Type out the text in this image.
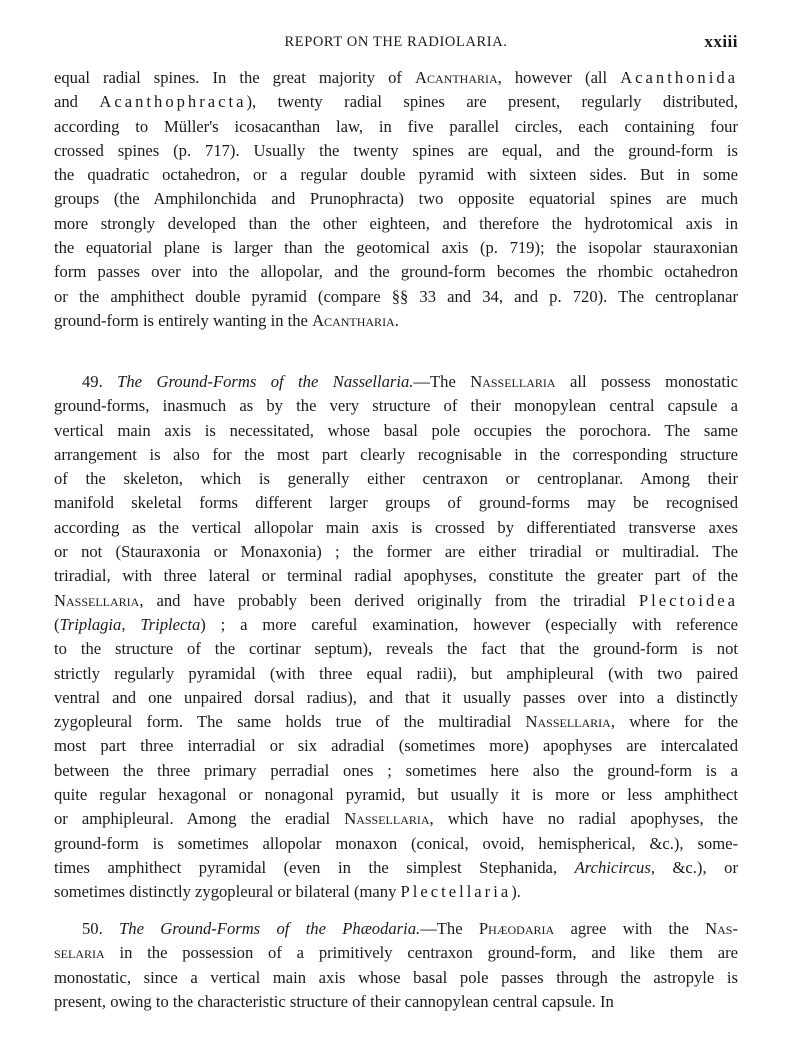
REPORT ON THE RADIOLARIA.	xxiii
equal radial spines. In the great majority of Acantharia, however (all Acanthonida
and Acanthophracta), twenty radial spines are present, regularly distributed,
according to Müller's icosacanthan law, in five parallel circles, each containing four
crossed spines (p. 717). Usually the twenty spines are equal, and the ground-form is
the quadratic octahedron, or a regular double pyramid with sixteen sides. But in some
groups (the Amphilonchida and Prunophracta) two opposite equatorial spines are much
more strongly developed than the other eighteen, and therefore the hydrotomical axis in
the equatorial plane is larger than the geotomical axis (p. 719); the isopolar stauraxonian
form passes over into the allopolar, and the ground-form becomes the rhombic octahedron
or the amphithect double pyramid (compare §§ 33 and 34, and p. 720). The centroplanar
ground-form is entirely wanting in the Acantharia.
49. The Ground-Forms of the Nassellaria.—The Nassellaria all possess monostatic
ground-forms, inasmuch as by the very structure of their monopylean central capsule a
vertical main axis is necessitated, whose basal pole occupies the porochora. The same
arrangement is also for the most part clearly recognisable in the corresponding structure
of the skeleton, which is generally either centraxon or centroplanar. Among their
manifold skeletal forms different larger groups of ground-forms may be recognised
according as the vertical allopolar main axis is crossed by differentiated transverse axes
or not (Stauraxonia or Monaxonia) ; the former are either triradial or multiradial. The
triradial, with three lateral or terminal radial apophyses, constitute the greater part of the
Nassellaria, and have probably been derived originally from the triradial Plectoidea
(Triplagia, Triplecta) ; a more careful examination, however (especially with reference
to the structure of the cortinar septum), reveals the fact that the ground-form is not
strictly regularly pyramidal (with three equal radii), but amphipleural (with two paired
ventral and one unpaired dorsal radius), and that it usually passes over into a distinctly
zygopleural form. The same holds true of the multiradial Nassellaria, where for the
most part three interradial or six adradial (sometimes more) apophyses are intercalated
between the three primary perradial ones ; sometimes here also the ground-form is a
quite regular hexagonal or nonagonal pyramid, but usually it is more or less amphithect
or amphipleural. Among the eradial Nassellaria, which have no radial apophyses, the
ground-form is sometimes allopolar monaxon (conical, ovoid, hemispherical, &c.), some-
times amphithect pyramidal (even in the simplest Stephanida, Archicircus, &c.), or
sometimes distinctly zygopleural or bilateral (many Plectellaria).
50. The Ground-Forms of the Phæodaria.—The Phæodaria agree with the Nas-
selaria in the possession of a primitively centraxon ground-form, and like them are
monostatic, since a vertical main axis whose basal pole passes through the astropyle is
present, owing to the characteristic structure of their cannopylean central capsule. In
